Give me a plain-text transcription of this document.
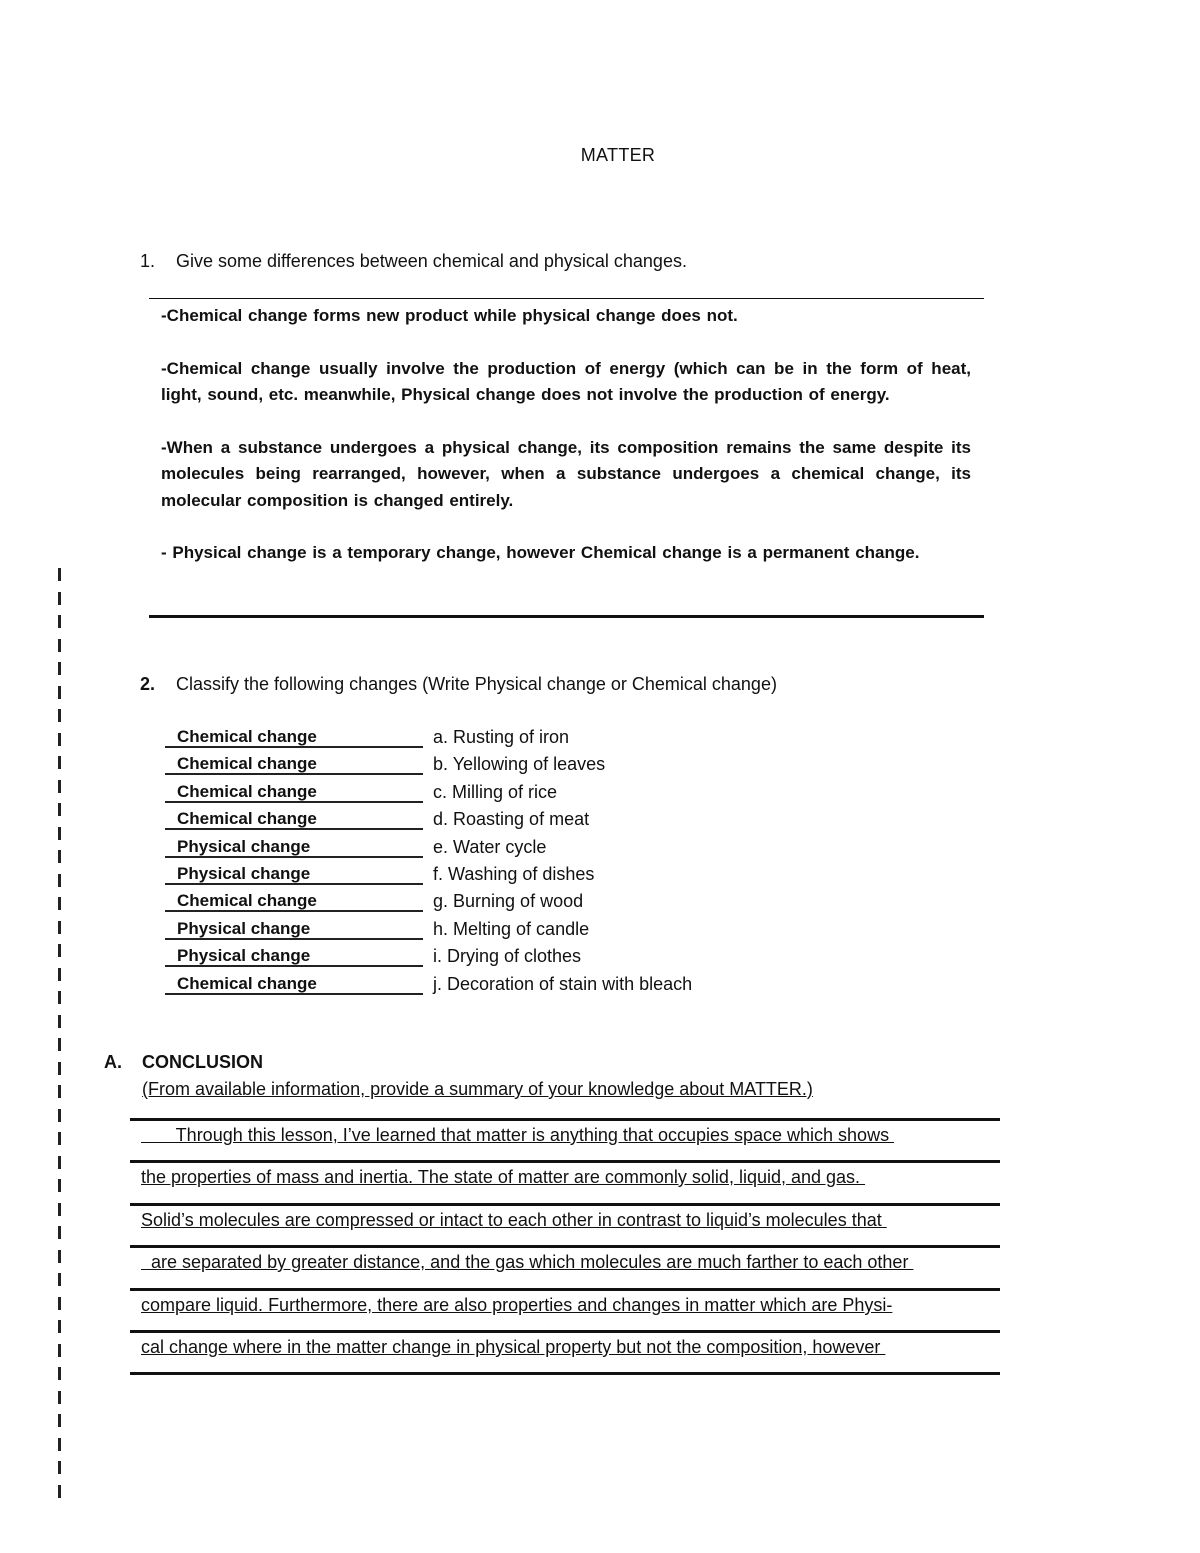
MATTER
1. Give some differences between chemical and physical changes.

-Chemical change forms new product while physical change does not.

-Chemical change usually involve the production of energy (which can be in the form of heat, light, sound, etc. meanwhile, Physical change does not involve the production of energy.

-When a substance undergoes a physical change, its composition remains the same despite its molecules being rearranged, however, when a substance undergoes a chemical change, its molecular composition is changed entirely.

- Physical change is a temporary change, however Chemical change is a permanent change.

2. Classify the following changes (Write Physical change or Chemical change)
Chemical change	a. Rusting of iron
Chemical change	b. Yellowing of leaves
Chemical change	c. Milling of rice
Chemical change	d. Roasting of meat
Physical change	e. Water cycle
Physical change	f. Washing of dishes
Chemical change	g. Burning of wood
Physical change	h. Melting of candle
Physical change	i. Drying of clothes
Chemical change	j. Decoration of stain with bleach
A. CONCLUSION
(From available information, provide a summary of your knowledge about MATTER.)
Through this lesson, I’ve learned that matter is anything that occupies space which shows
the properties of mass and inertia. The state of matter are commonly solid, liquid, and gas.
Solid’s molecules are compressed or intact to each other in contrast to liquid’s molecules that
are separated by greater distance, and the gas which molecules are much farther to each other
compare liquid. Furthermore, there are also properties and changes in matter which are Physi-
cal change where in the matter change in physical property but not the composition, however
